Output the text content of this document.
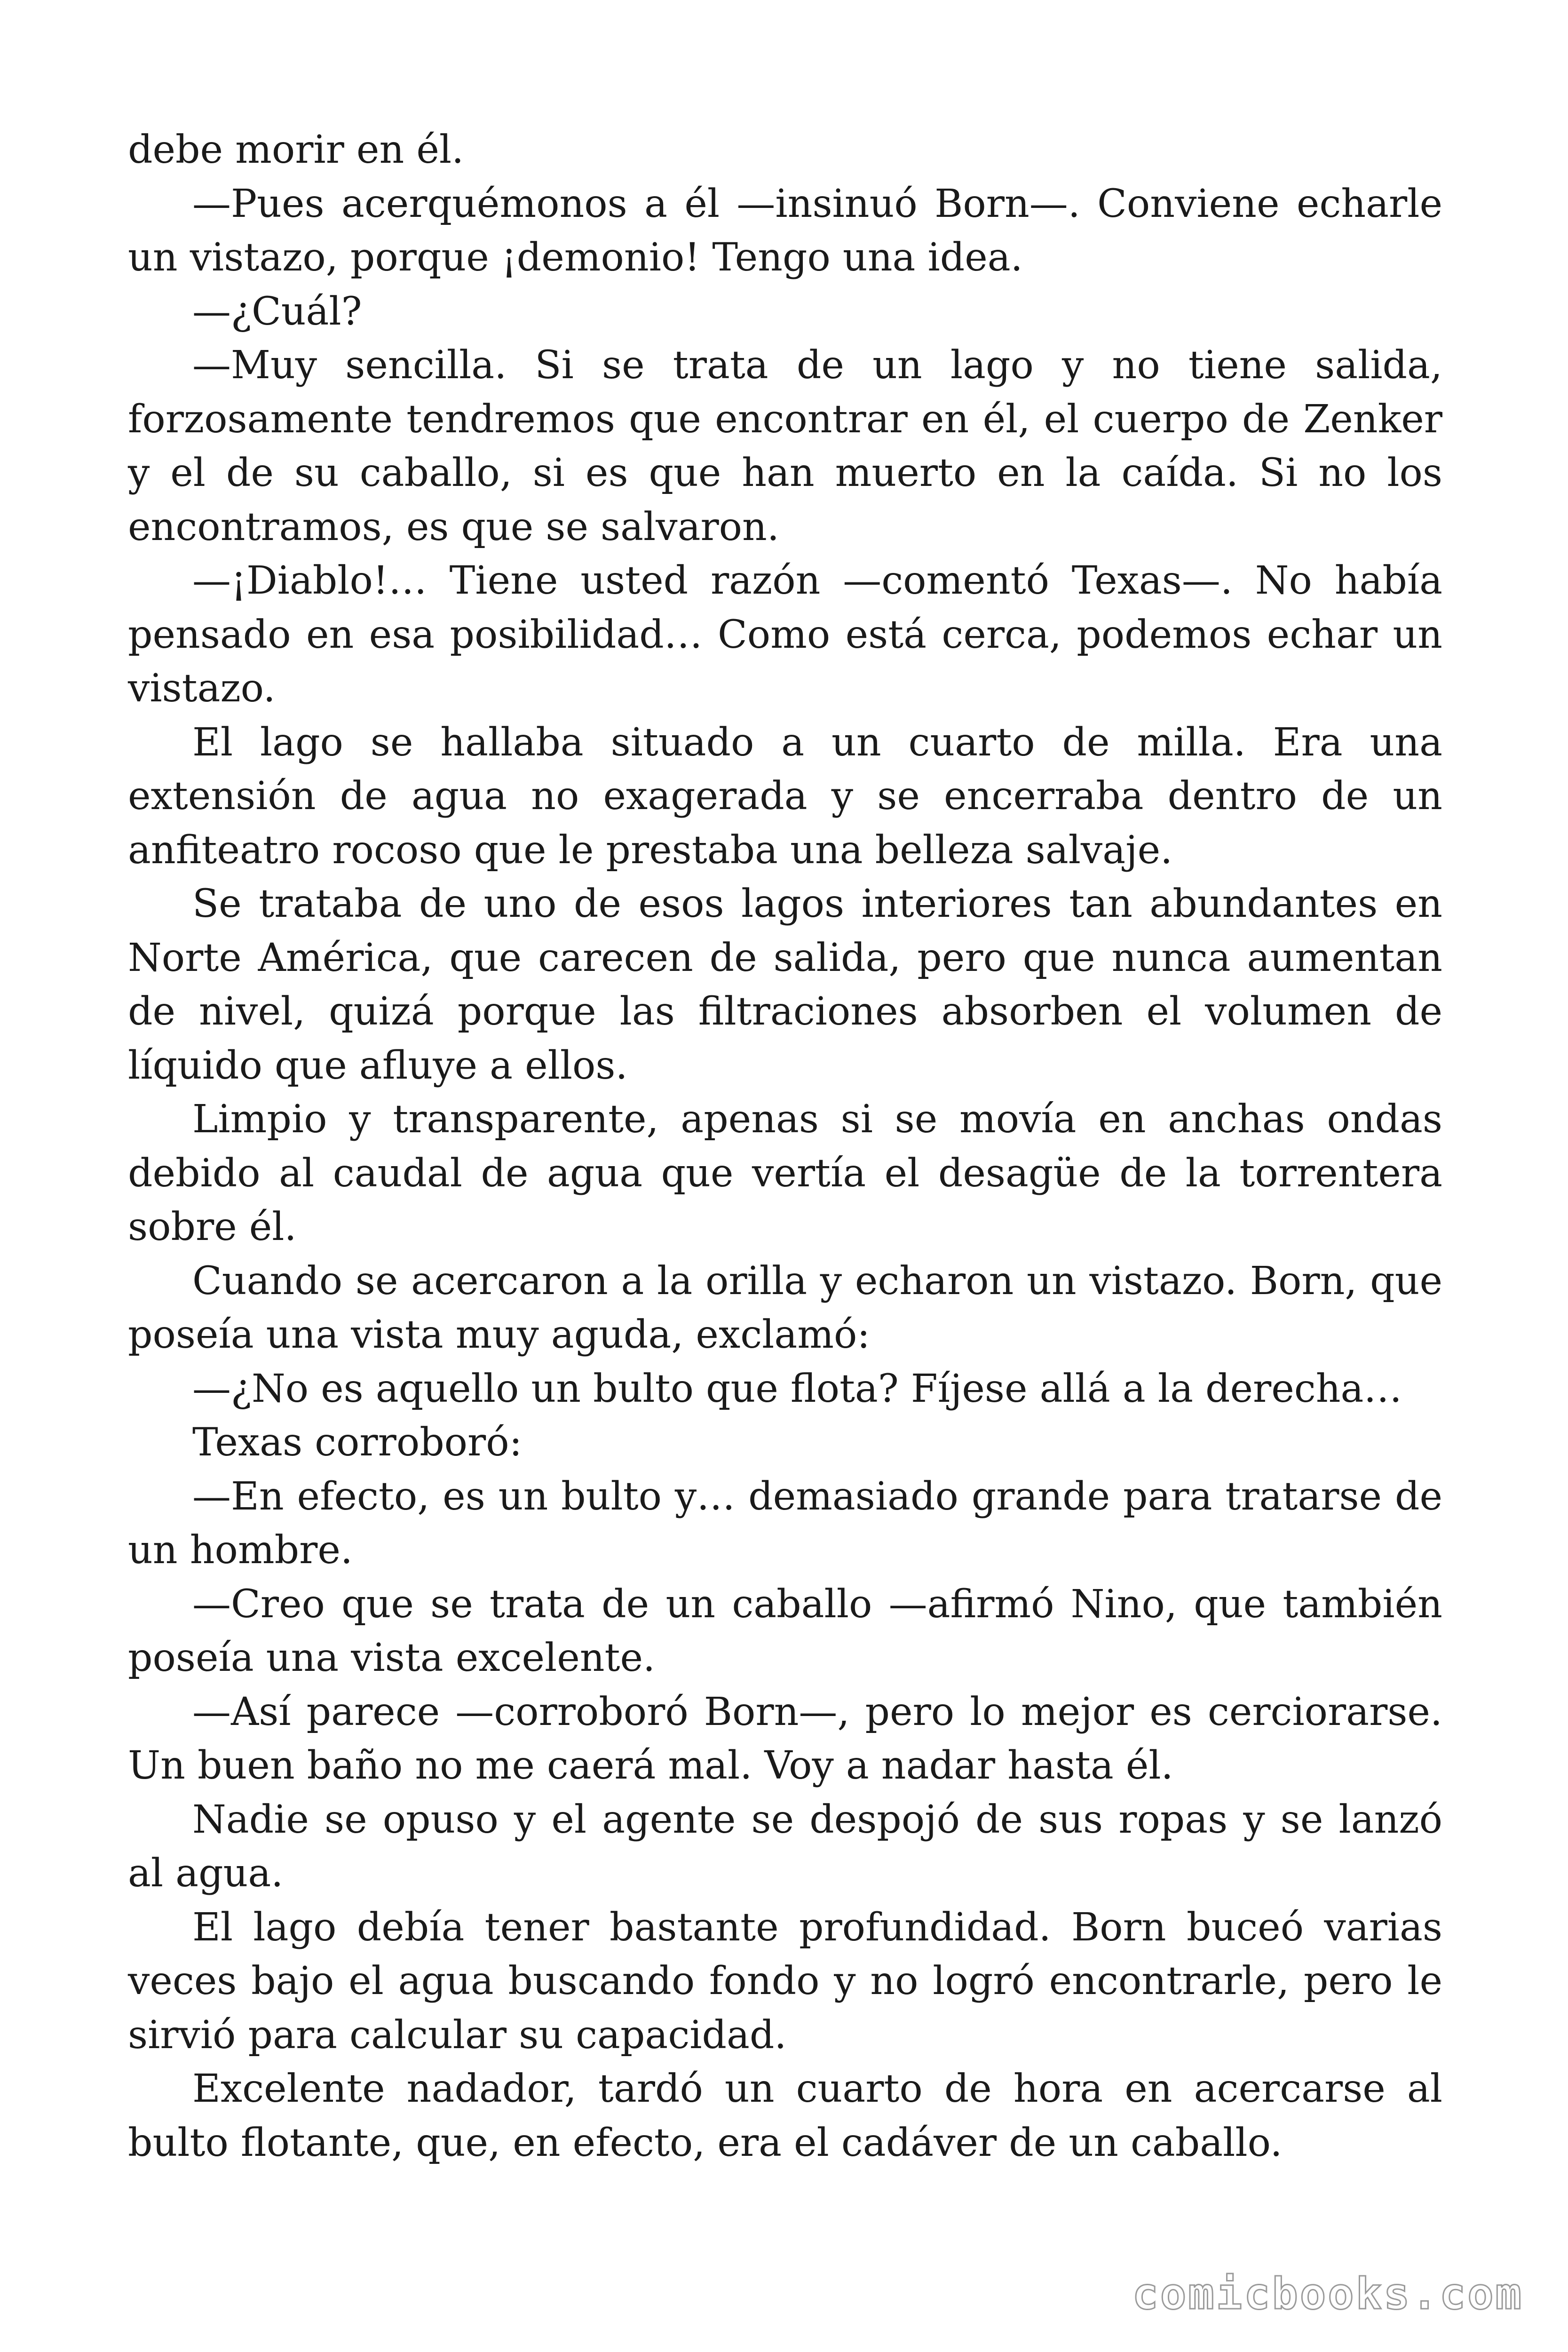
debe morir en él.

—Pues acerquémonos a él —insinuó Born—. Conviene echarle un vistazo, porque ¡demonio! Tengo una idea.

—¿Cuál?

—Muy sencilla. Si se trata de un lago y no tiene salida, forzosamente tendremos que encontrar en él, el cuerpo de Zenker y el de su caballo, si es que han muerto en la caída. Si no los encontramos, es que se salvaron.

—¡Diablo!… Tiene usted razón —comentó Texas—. No había pensado en esa posibilidad… Como está cerca, podemos echar un vistazo.

El lago se hallaba situado a un cuarto de milla. Era una extensión de agua no exagerada y se encerraba dentro de un anfiteatro rocoso que le prestaba una belleza salvaje.

Se trataba de uno de esos lagos interiores tan abundantes en Norte América, que carecen de salida, pero que nunca aumentan de nivel, quizá porque las filtraciones absorben el volumen de líquido que afluye a ellos.

Limpio y transparente, apenas si se movía en anchas ondas debido al caudal de agua que vertía el desagüe de la torrentera sobre él.

Cuando se acercaron a la orilla y echaron un vistazo. Born, que poseía una vista muy aguda, exclamó:

—¿No es aquello un bulto que flota? Fíjese allá a la derecha…

Texas corroboró:

—En efecto, es un bulto y… demasiado grande para tratarse de un hombre.

—Creo que se trata de un caballo —afirmó Nino, que también poseía una vista excelente.

—Así parece —corroboró Born—, pero lo mejor es cerciorarse. Un buen baño no me caerá mal. Voy a nadar hasta él.

Nadie se opuso y el agente se despojó de sus ropas y se lanzó al agua.

El lago debía tener bastante profundidad. Born buceó varias veces bajo el agua buscando fondo y no logró encontrarle, pero le sirvió para calcular su capacidad.

Excelente nadador, tardó un cuarto de hora en acercarse al bulto flotante, que, en efecto, era el cadáver de un caballo.

comicbooks.com
